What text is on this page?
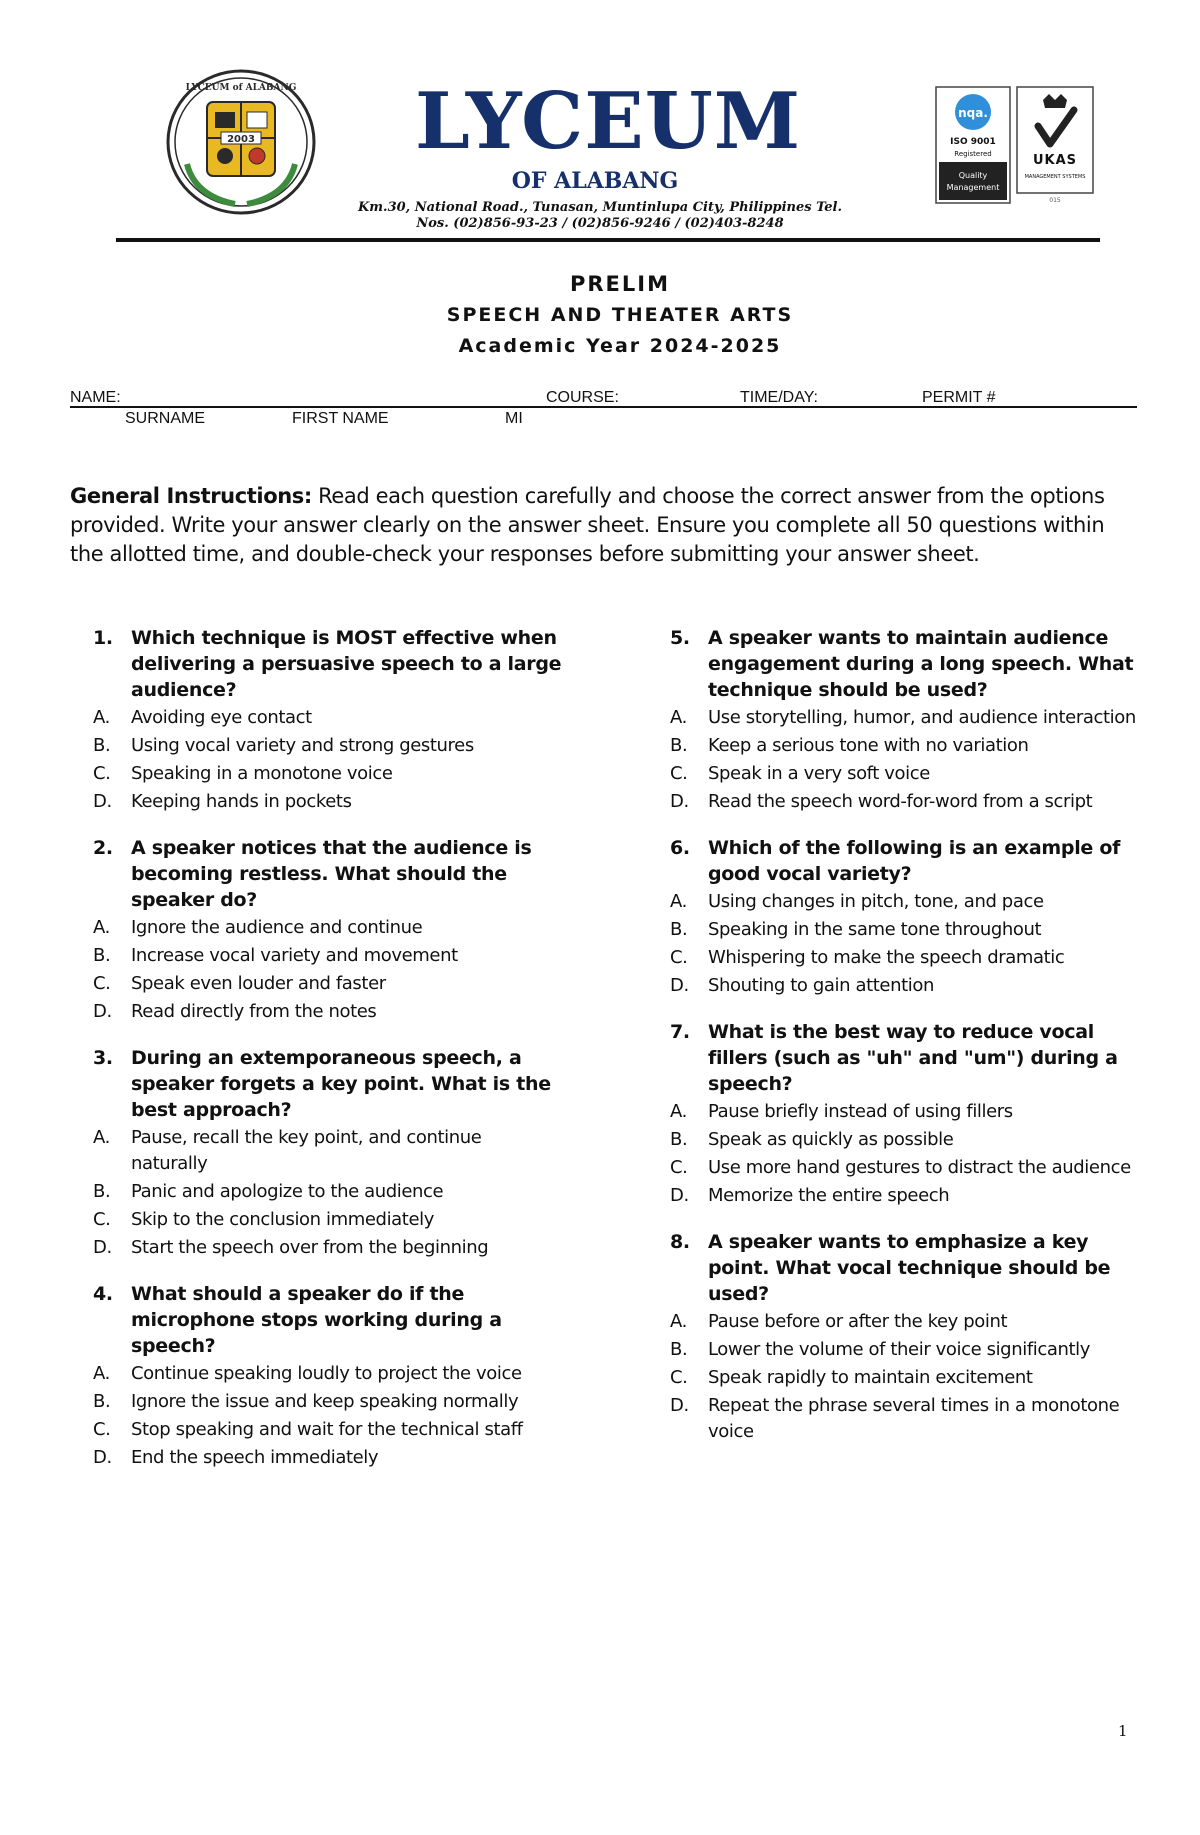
2003
LYCEUM of ALABANG LYCEUM
OF ALABANG
Km.30, National Road., Tunasan, Muntinlupa City, Philippines Tel.
Nos. (02)856-93-23 / (02)856-9246 / (02)403-8248
nqa.
ISO 9001
Registered
Quality
Management
UKAS
MANAGEMENT SYSTEMS
015
PRELIM
SPEECH AND THEATER ARTS
Academic Year 2024-2025
NAME:	COURSE:	TIME/DAY:	PERMIT #
SURNAME	FIRST NAME	MI
General Instructions: Read each question carefully and choose the correct answer from the options provided. Write your answer clearly on the answer sheet. Ensure you complete all 50 questions within the allotted time, and double-check your responses before submitting your answer sheet.
1. Which technique is MOST effective when delivering a persuasive speech to a large audience?
A.	Avoiding eye contact
B.	Using vocal variety and strong gestures
C.	Speaking in a monotone voice
D.	Keeping hands in pockets
2. A speaker notices that the audience is becoming restless. What should the speaker do?
A.	Ignore the audience and continue
B.	Increase vocal variety and movement
C.	Speak even louder and faster
D.	Read directly from the notes
3. During an extemporaneous speech, a speaker forgets a key point. What is the best approach?
A.	Pause, recall the key point, and continue naturally
B.	Panic and apologize to the audience
C.	Skip to the conclusion immediately
D.	Start the speech over from the beginning
4. What should a speaker do if the microphone stops working during a speech?
A.	Continue speaking loudly to project the voice
B.	Ignore the issue and keep speaking normally
C.	Stop speaking and wait for the technical staff
D.	End the speech immediately
5. A speaker wants to maintain audience engagement during a long speech. What technique should be used?
A.	Use storytelling, humor, and audience interaction
B.	Keep a serious tone with no variation
C.	Speak in a very soft voice
D.	Read the speech word-for-word from a script
6. Which of the following is an example of good vocal variety?
A.	Using changes in pitch, tone, and pace
B.	Speaking in the same tone throughout
C.	Whispering to make the speech dramatic
D.	Shouting to gain attention
7. What is the best way to reduce vocal fillers (such as "uh" and "um") during a speech?
A.	Pause briefly instead of using fillers
B.	Speak as quickly as possible
C.	Use more hand gestures to distract the audience
D.	Memorize the entire speech
8. A speaker wants to emphasize a key point. What vocal technique should be used?
A.	Pause before or after the key point
B.	Lower the volume of their voice significantly
C.	Speak rapidly to maintain excitement
D.	Repeat the phrase several times in a monotone voice
1
